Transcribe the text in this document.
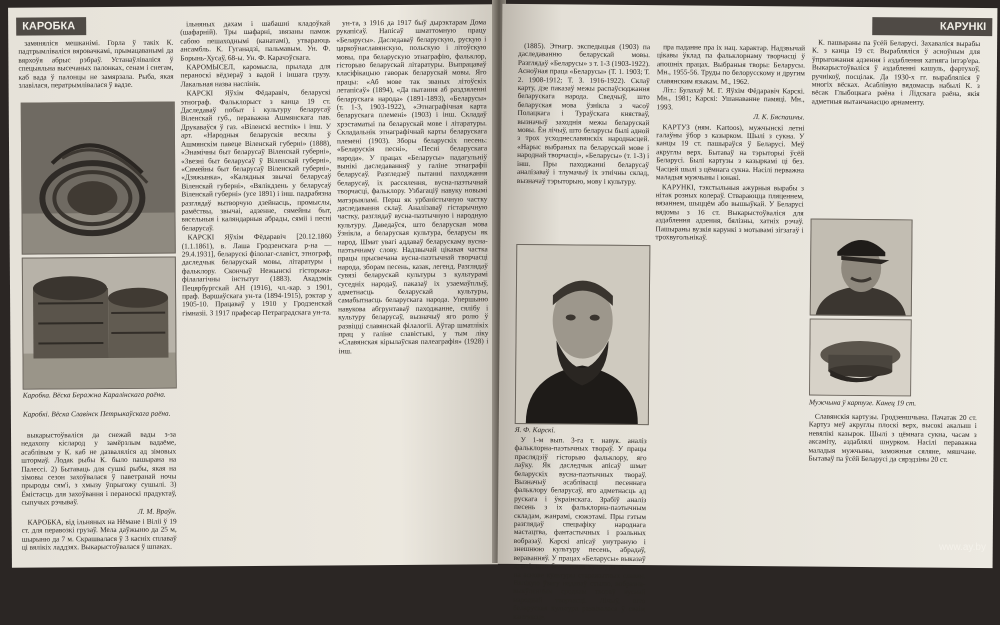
КАРОБКА

замяняліся мешканімі. Горла ў такіх К. падтрымліваліся вяровачкамі, прымацаванымі да вярхоўя абрыс рэбраў. Устанаўліваліся ў спецыяльна высечаных палонках, сенам і снегам, каб вада ў палонцы не замярзала. Рыба, якая злавілася, ператрымлівалася ў вадзе.

Каробка. Вёска Беражна Каралінскага раёна.
Каробкі. Вёска Славінск Петрыкаўскага раёна.

выкарыстоўваліся да снежай вады з-за недахопу кісларод у замёрзлым вадаёме, асаблівым у К. каб не дазваляліся ад зімовых штормаў. Лодак рыбы К. было пашырана на Палессі. 2) Бытаваць для сушкі рыбы, якая на зімовы сезон захоўвалася ў паветранай ночы прыроды сям'і, з хмызу ўпрыгожу сушылі. 3) Ёмістасць для захоўвання і пераноскі прадуктаў, сыпучых рэчываў.

Л. М. Враўн.

КАРОБКА, від ільняных на Нёмане і Віліі ў 19 ст. для перавозкі грузаў. Мела даўжыню да 25 м, шырыню да 7 м. Скрашвалася ў 3 касніх сплаваў ці вялікіх ладдзях. Выкарыстоўвалася ў шпаках.

ільняных дахам і шабашні кладоўкай (шафарній). Тры шафарні, звязаны памож сабою пешаходнымі (канатамі), утвараюць ансамбль. К. Гуганадзі, пальмавым. Ун. Ф. Борынь-Хусаў, 68-ы. Ун. Ф. Карачэўскага.

КАРОМЫСЕЛ, каромысла, прылада для пераноскі вёдзераў з вадой і іншага грузу. Лакальная назва наслінік.

КАРСКІ Яўхім Фёдаравіч, беларускі этнограф. Фальклорыст з канца 19 ст. Даследаваў побыт і культуру беларусаў Віленскай губ., пераважна Ашмянскага пав. Друкаваўся ў газ. «Віленскі вестнік» і інш. У арт. «Народныя беларускія весялы ў Ашмянскім павеце Віленскай губерні» (1888), «Энамічны быт беларусаў Віленскай губерні», «Звезні быт беларусаў ў Віленскай губерні», «Сямейны быт беларусаў Віленскай губерні», «Дзяжынка», «Калядныя звычаі беларусаў Віленскай губерні», «Вялікдзень у беларусаў Віленскай губерні» (усе 1891) і інш. падрабязна разглядаў вытворчую дзейнасць, промыслы, рамёствы, звычаі, адзенне, сямейны быт, вясельныя і каляндарныя абрады, сяміі і песні беларусаў.

КАРСКІ Яўхім Фёдаравіч [20.12.1860 (1.1.1861), в. Лаша Гродзенскага р-на — 29.4.1931], беларускі філолаг-славіст, этнограф, даследчык беларускай мовы, літаратуры і фальклору. Скончыў Нежынскі гісторыка-філалагічны інстытут (1883). Акадэмік Пецярбургскай АН (1916), чл.-кар. з 1901, праф. Варшаўскага ун-та (1894-1915), рэктар у 1905-10. Працаваў у 1910 у Гродзенскай гімназіі. З 1917 прафесар Петраградскага ун-та.

ун-та, з 1916 да 1917 быў дырэктарам Дома рукапісаў. Напісаў шматтомную працу «Беларусы». Даследаваў беларускую, рускую і царкоўнаславянскую, польскую і літоўскую мовы, пра беларускую этнаграфію, фальклор, гісторыю беларускай літаратуры. Выпрацаваў класіфікацыю гаворак беларускай мовы. Яго працы: «Аб мове так званых літоўскіх летапісаў» (1894), «Да пытання аб раздзяленні беларускага народа» (1891-1893), «Беларусы» (т. 1-3, 1903-1922), «Этнаграфічная карта беларускага племені» (1903) і інш. Складаў хрэстаматыі па беларускай мове і літаратуры. Складальнік этнаграфічнай карты беларускага племені (1903). Зборы беларускіх песень: «Беларускія песні», «Песні беларускага народа». У працах «Беларусы» падагульніў вынікі даследаванняў у галіне этнаграфіі беларусаў. Разгледзеў пытанні паходжання беларусаў, іх рассялення, вусна-паэтычнай творчасці, фальклору. Узбагаціў навуку новымі матэрыяламі. Перш як урбаністычную частку даследавання склаў. Аналізаваў гістарычную частку, разглядаў вусна-паэтычную і народную культуру. Даведаўся, што беларуская мова ўзнікла, а беларуская культура, беларусы як народ. Шмат увагі аддаваў беларускаму вусна-паэтычнаму слову. Надзвычай цікавая частка працы прысвечана вусна-паэтычнай творчасці народа, зборам песень, казак, легенд. Разглядаў сувязі беларускай культуры з культурамі суседніх народаў, паказаў іх узаемаўплыў, адметнасць беларускай культуры, самабытнасць беларускага народа. Упершыню навукова абгрунтаваў паходжанне, сялібу і культуру беларусаў, вызначыў яго ролю ў развіцці славянскай філалогіі. Аўтар шматлікіх прац у галіне славістыкі, у тым ліку «Славянская кірылаўская палеаграфія» (1928) і інш.

КАРУНКІ

(1885). Этнагр. экспедыцыя (1903) па даследаванню беларускай мовы. Разглядаў «Беларусы» з т. 1-3 (1903-1922). Асноўная праца «Беларусы» (Т. 1. 1903; Т. 2. 1908-1912; Т. 3. 1916-1922). Склаў карту, дзе паказаў межы распаўсюджання беларускага народа. Сведчыў, што беларуская мова ўзнікла з часоў Полацкага і Тураўскага княстваў, вызначыў заходнія межы беларускай мовы. Ён лічыў, што беларусы былі адной з трох усходнеславянскіх народнасцей. «Нарыс выбраных па беларускай мове і народнай творчасці», «Беларусы» (т. 1-3) і інш. Пры паходжанні беларусаў аналізаваў і тлумачыў іх этнічны склад, вызначаў тэрыторыю, мову і культуру.

Я. Ф. Карскі.

У 1-м вып. 3-га т. навук. аналіз фальклорна-паэтычных твораў. У працы праслядзіў гісторыю фальклору, яго лаўку. Як даследчык апісаў шмат беларускіх вусна-паэтычных твораў. Вызначыў асаблівасці песеннага фальклору беларусаў, яго адметнасць ад рускага і ўкраінскага. Зрабіў аналіз песень з іх фальклорна-паэтычным складам, жанрамі, сюжэтамі. Пры гэтым разглядаў спецыфіку народнага мастацтва, фантастычных і рэальных вобразаў. Карскі апісаў унутраную і знешнюю культуру песень, абрадаў, вераванняў. У працах «Беларусы» выказаў думкі, што беларуская культура склалася на аснове культуры старажытных славян. Вялікую ўвагу надаваў стылю, вобразна-выяўленчым сродкам твораў вуснай народнай творчасці. Лічыў, што беларуская культура развівалася ў сваім кантэксце.

пра паданне пра іх нац. характар. Надзвычай цікавы ўклад па фальклорнаму творчасці ў апошніх працах. Выбраныя творы: Беларусы. Мн., 1955-56. Труды по белорусскому и другим славянским языкам. М., 1962.

Літ.: Булахаў М. Г. Яўхім Фёдаравіч Карскі. Мн., 1981; Карскі: Ушанаванне памяці. Мн., 1993.

Л. К. Бяспашчы.

КАРТУЗ (ням. Kartoos), мужчынскі летні галаўны ўбор з казырком. Шылі з сукна. У канцы 19 ст. пашыраўся ў Беларусі. Меў акруглы верх. Бытаваў на тэрыторыі ўсёй Беларусі. Былі картузы з казыркамі ці без. Часцей шылі з цёмнага сукна. Насілі перважна маладыя мужчыны і юнакі.

КАРУНКІ, тэкстыльныя ажурныя вырабы з нітак розных колераў. Ствараюцца пляценнем, вязаннем, шыццём або вышыўкай. У Беларусі вядомы з 16 ст. Выкарыстоўваліся для аздаблення адзення, бялізны, хатніх рэчаў. Пашыраны вузкія карункі з мотывамі зігзагаў і трохвугольнікаў.

К. пашыраны па ўсёй Беларусі. Захаваліся вырабы К. з канца 19 ст. Вырабляліся ў асноўным для ўпрыгожання адзення і аздаблення хатняга інтэр'ера. Выкарыстоўваліся ў аздабленні кашуль, фартухоў, ручнікоў, посцілак. Да 1930-х гг. вырабляліся ў многіх вёсках. Асаблівую вядомасць набылі К. з вёсак Глыбоцкага раёна і Лідскага раёна, якія адметныя вытанчанасцю арнаменту.

Мужчына ў картузе. Канец 19 ст.

Славянскія картузы. Гродзеншчына. Пачатак 20 ст. Картуз меў акруглы плоскі верх, высокі акалыш і невялікі казырок. Шылі з цёмнага сукна, часам з аксаміту, аздаблялі шнурком. Насілі пераважна маладыя мужчыны, заможныя сяляне, мяшчане. Бытаваў па ўсёй Беларусі да сярэдзіны 20 ст.

www.ay.by
